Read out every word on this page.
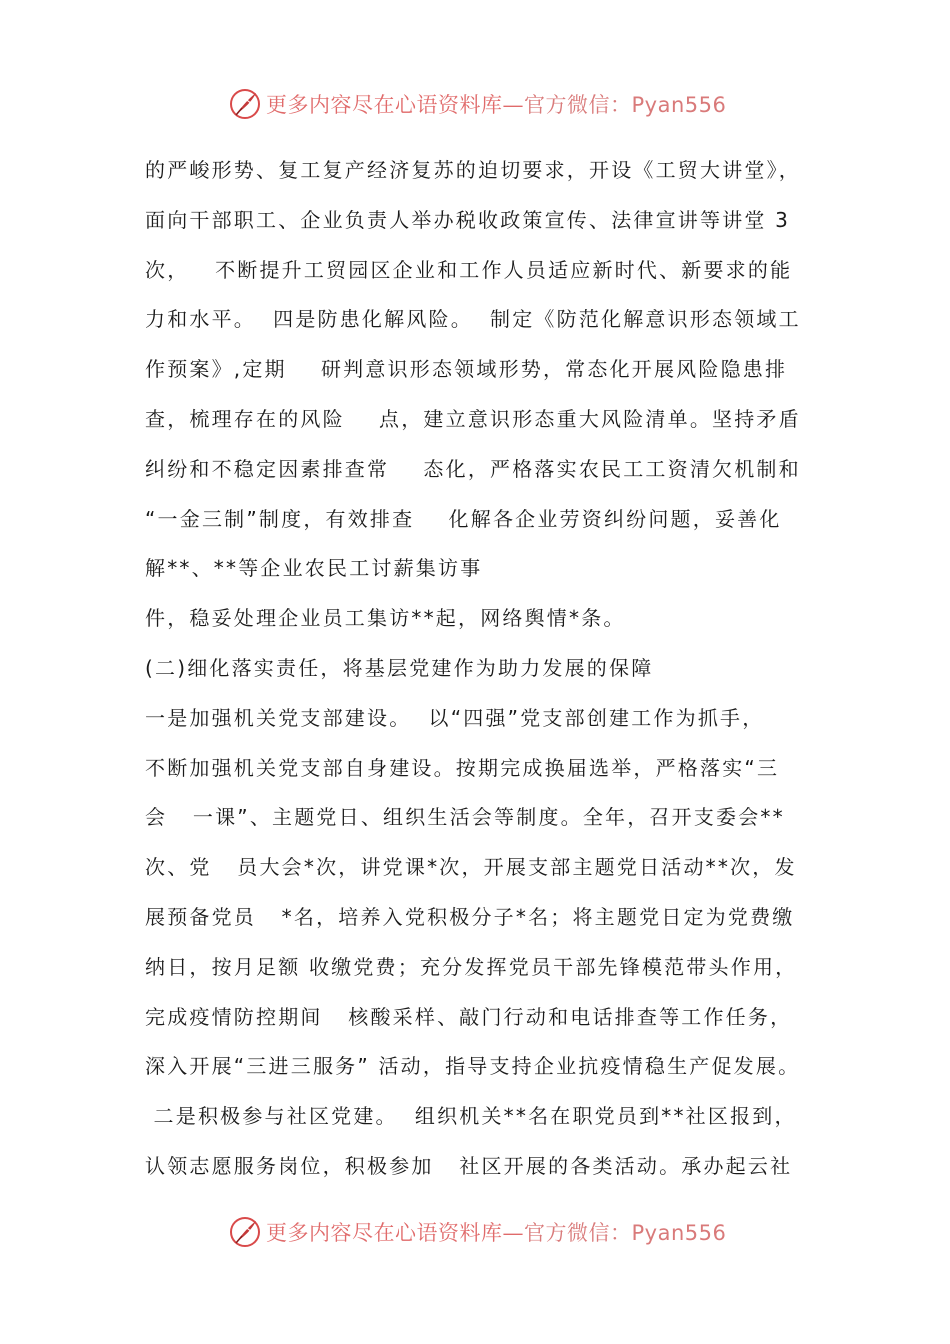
更多内容尽在心语资料库—官方微信：Pyan556
的严峻形势、复工复产经济复苏的迫切要求，开设《工贸大讲堂》，
面向干部职工、企业负责人举办税收政策宣传、法律宣讲等讲堂 3
次，   不断提升工贸园区企业和工作人员适应新时代、新要求的能
力和水平。  四是防患化解风险。  制定《防范化解意识形态领域工
作预案》,定期    研判意识形态领域形势，常态化开展风险隐患排
查，梳理存在的风险    点，建立意识形态重大风险清单。坚持矛盾
纠纷和不稳定因素排查常    态化，严格落实农民工工资清欠机制和
“一金三制”制度，有效排查    化解各企业劳资纠纷问题，妥善化
解**、**等企业农民工讨薪集访事
件，稳妥处理企业员工集访**起，网络舆情*条。
(二)细化落实责任，将基层党建作为助力发展的保障
一是加强机关党支部建设。  以“四强”党支部创建工作为抓手，
不断加强机关党支部自身建设。按期完成换届选举，严格落实“三
会   一课”、主题党日、组织生活会等制度。全年，召开支委会**
次、党   员大会*次，讲党课*次，开展支部主题党日活动**次，发
展预备党员   *名，培养入党积极分子*名；将主题党日定为党费缴
纳日，按月足额 收缴党费；充分发挥党员干部先锋模范带头作用，
完成疫情防控期间   核酸采样、敲门行动和电话排查等工作任务，
深入开展“三进三服务” 活动，指导支持企业抗疫情稳生产促发展。
二是积极参与社区党建。  组织机关**名在职党员到**社区报到，
认领志愿服务岗位，积极参加   社区开展的各类活动。承办起云社
更多内容尽在心语资料库—官方微信：Pyan556
